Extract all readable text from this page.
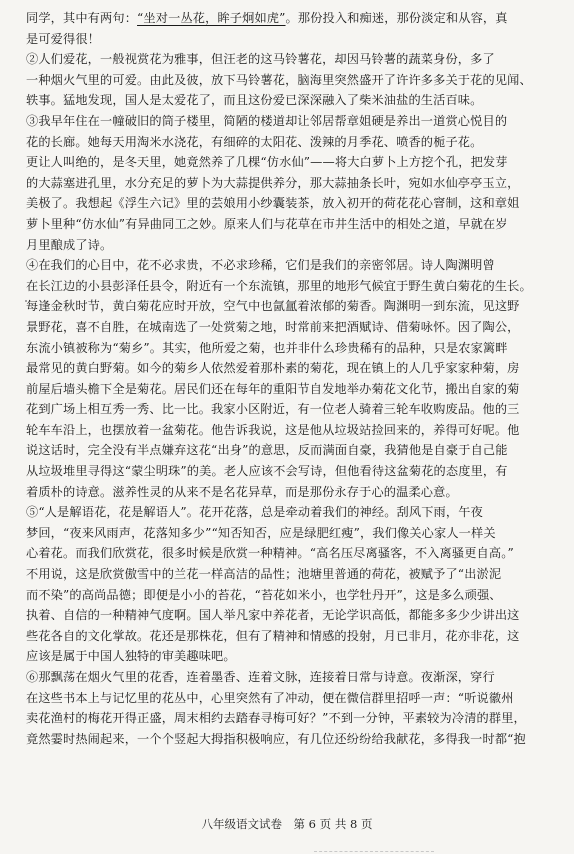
同学，其中有两句：“坐对一丛花，眸子炯如虎”。那份投入和痴迷，那份淡定和从容，真
是可爱得很！
②人们爱花，一般视赏花为雅事，但汪老的这马铃薯花，却因马铃薯的蔬菜身份，多了
一种烟火气里的可爱。由此及彼，放下马铃薯花，脑海里突然盛开了许许多多关于花的见闻、
轶事。猛地发现，国人是太爱花了，而且这份爱已深深融入了柴米油盐的生活百味。
③我早年住在一幢破旧的筒子楼里，简陋的楼道却让邻居帮章姐硬是养出一道赏心悦目的
花的长廊。她每天用淘米水浇花，有细碎的太阳花、泼辣的月季花、喷香的栀子花。
更让人叫绝的，是冬天里，她竟然养了几棵“仿水仙”——将大白萝卜上方挖个孔，把发芽
的大蒜塞进孔里，水分充足的萝卜为大蒜提供养分，那大蒜抽条长叶，宛如水仙亭亭玉立，
美极了。我想起《浮生六记》里的芸娘用小纱囊装茶，放入初开的荷花花心窨制，这和章姐
萝卜里种“仿水仙”有异曲同工之妙。原来人们与花草在市井生活中的相处之道，早就在岁
月里酿成了诗。
④在我们的心目中，花不必求贵，不必求珍稀，它们是我们的亲密邻居。诗人陶渊明曾
在长江边的小县彭泽任县令，附近有一个东流镇，那里的地形气候宜于野生黄白菊花的生长。
每逢金秋时节，黄白菊花应时开放，空气中也氤氲着浓郁的菊香。陶渊明一到东流，见这野
景野花，喜不自胜，在城南选了一处赏菊之地，时常前来把酒赋诗、借菊咏怀。因了陶公，
东流小镇被称为“菊乡”。其实，他所爱之菊，也并非什么珍贵稀有的品种，只是农家篱畔
最常见的黄白野菊。如今的菊乡人依然爱着那朴素的菊花，现在镇上的人几乎家家种菊，房
前屋后墙头檐下全是菊花。居民们还在每年的重阳节自发地举办菊花文化节，搬出自家的菊
花到广场上相互秀一秀、比一比。我家小区附近，有一位老人骑着三轮车收购废品。他的三
轮车车沿上，也摆放着一盆菊花。他告诉我说，这是他从垃圾站捡回来的，养得可好呢。他
说这话时，完全没有半点嫌弃这花“出身”的意思，反而满面自豪，我猜他是自豪于自己能
从垃圾堆里寻得这“蒙尘明珠”的美。老人应该不会写诗，但他看待这盆菊花的态度里，有
着质朴的诗意。滋养性灵的从来不是名花异草，而是那份永存于心的温柔心意。
⑤“人是解语花，花是解语人”。花开花落，总是牵动着我们的神经。刮风下雨，午夜
梦回，“夜来风雨声，花落知多少”“知否知否，应是绿肥红瘦”，我们像关心家人一样关
心着花。而我们欣赏花，很多时候是欣赏一种精神。“高名压尽离骚客，不入离骚更自高。”
不用说，这是欣赏傲雪中的兰花一样高洁的品性；池塘里普通的荷花，被赋予了“出淤泥
而不染”的高尚品德；即便是小小的苔花，“苔花如米小，也学牡丹开”，这是多么顽强、
执着、自信的一种精神气度啊。国人举凡家中养花者，无论学识高低，都能多多少少讲出这
些花各自的文化掌故。花还是那株花，但有了精神和情感的投射，月已非月，花亦非花，这
应该是属于中国人独特的审美趣味吧。
⑥那飘荡在烟火气里的花香，连着墨香、连着文脉，连接着日常与诗意。夜渐深，穿行
在这些书本上与记忆里的花丛中，心里突然有了冲动，便在微信群里招呼一声：“听说徽州
卖花渔村的梅花开得正盛，周末相约去踏春寻梅可好？”不到一分钟，平素较为冷清的群里，
竟然霎时热闹起来，一个个竖起大拇指积极响应，有几位还纷纷给我献花，多得我一时都“抱
八年级语文试卷　第 6 页 共 8 页
